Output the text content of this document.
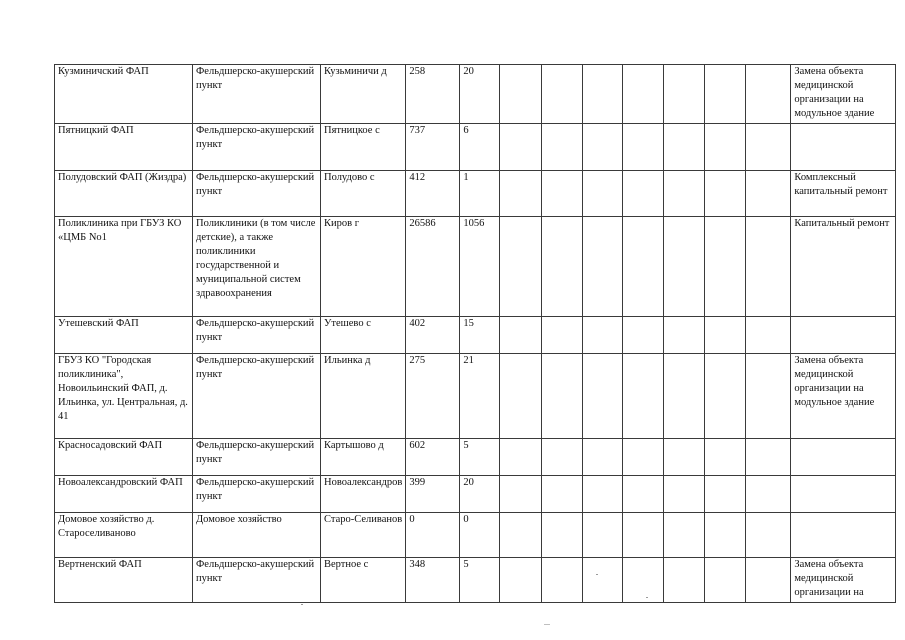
Кузминичский ФАП	Фельдшерско-акушерский пункт	Кузьминичи д	258	20								Замена объекта медицинской организации на модульное здание
Пятницкий ФАП	Фельдшерско-акушерский пункт	Пятницкое с	737	6								
Полудовский ФАП (Жиздра)	Фельдшерско-акушерский пункт	Полудово с	412	1								Комплексный капитальный ремонт
Поликлиника при ГБУЗ КО «ЦМБ No1	Поликлиники (в том числе детские), а также поликлиники государственной и муниципальной систем здравоохранения	Киров г	26586	1056								Капитальный ремонт
Утешевский ФАП	Фельдшерско-акушерский пункт	Утешево с	402	15								
ГБУЗ КО "Городская поликлиника", Новоильинский ФАП, д. Ильинка, ул. Центральная, д. 41	Фельдшерско-акушерский пункт	Ильинка д	275	21								Замена объекта медицинской организации на модульное здание
Красносадовский ФАП	Фельдшерско-акушерский пункт	Картышово д	602	5								
Новоалександровский ФАП	Фельдшерско-акушерский пункт	Новоалександров	399	20								
Домовое хозяйство д. Староселиваново	Домовое хозяйство	Старо-Селиванов	0	0								
Вертненский ФАП	Фельдшерско-акушерский пункт	Вертное с	348	5								Замена объекта медицинской организации на
